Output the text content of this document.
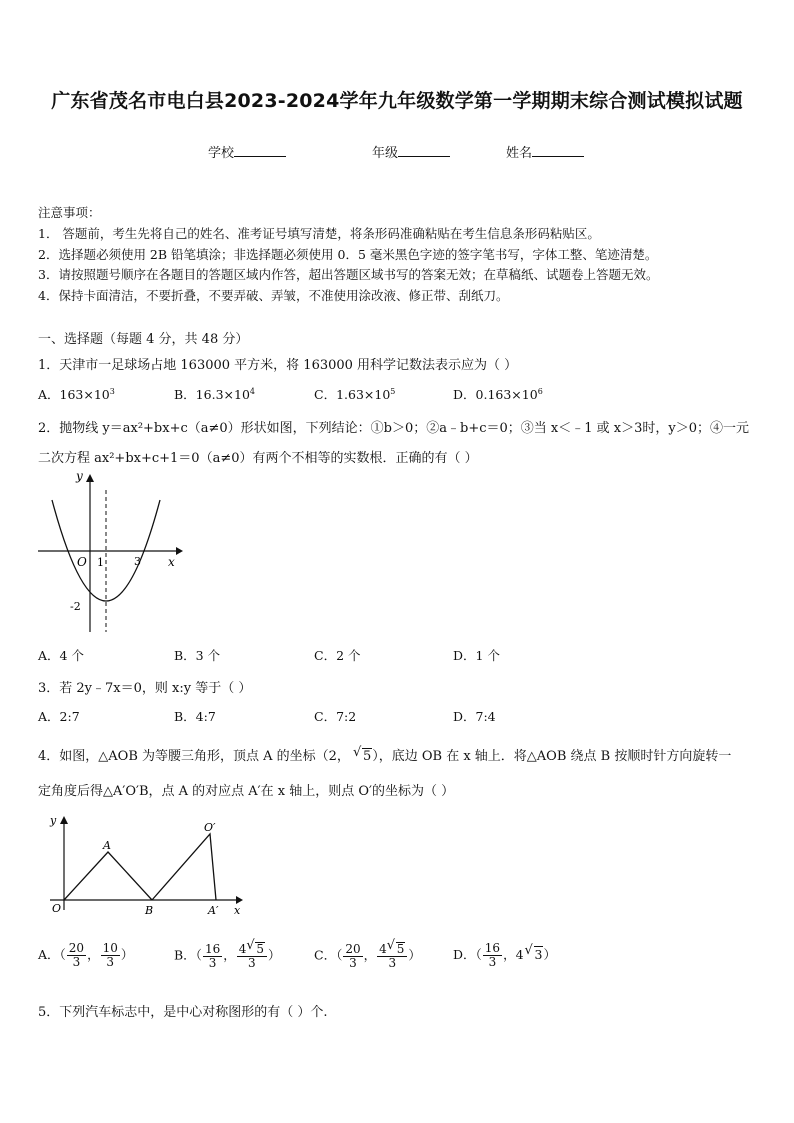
广东省茂名市电白县2023-2024学年九年级数学第一学期期末综合测试模拟试题
学校	年级	姓名
注意事项：
1． 答题前，考生先将自己的姓名、准考证号填写清楚，将条形码准确粘贴在考生信息条形码粘贴区。
2．选择题必须使用 2B 铅笔填涂；非选择题必须使用 0．5 毫米黑色字迹的签字笔书写，字体工整、笔迹清楚。
3．请按照题号顺序在各题目的答题区域内作答，超出答题区域书写的答案无效；在草稿纸、试题卷上答题无效。
4．保持卡面清洁，不要折叠，不要弄破、弄皱，不准使用涂改液、修正带、刮纸刀。
一、选择题（每题 4 分，共 48 分）
1．天津市一足球场占地 163000 平方米，将 163000 用科学记数法表示应为（ ）
A．$163\times 10^3$	B．$16.3\times 10^4$	C．$1.63\times 10^5$	D．$0.163\times 10^6$
2．抛物线 y＝ax²+bx+c（a≠0）形状如图，下列结论：①b＞0；②a﹣b+c＝0；③当 x＜﹣1 或 x＞3时，y＞0；④一元
二次方程 ax²+bx+c+1＝0（a≠0）有两个不相等的实数根．正确的有（ ）
y
x
O 1	3
-2
A．4 个	B．3 个	C．2 个	D．1 个
3．若 2y﹣7x＝0，则 x:y 等于（ ）
A．2:7	B．4:7	C．7:2	D．7:4
4．如图，△AOB 为等腰三角形，顶点 A 的坐标（2， √ 5），底边 OB 在 x 轴上．将△AOB 绕点 B 按顺时针方向旋转一
定角度后得△A′O′B，点 A 的对应点 A′在 x 轴上，则点 O′的坐标为（ ）
y
x
O
A
B	A′
O′
A．（ $\frac{20}{3}$ ， $\frac{10}{3}$ ）	B．（ $\frac{16}{3}$ ， $\frac{4 √ 5}{3}$ ）	C．（ $\frac{20}{3}$ ， $\frac{4 √ 5}{3}$ ）	D．（ $\frac{16}{3}$ ，4 √ 3）
5．下列汽车标志中，是中心对称图形的有（ ）个.
